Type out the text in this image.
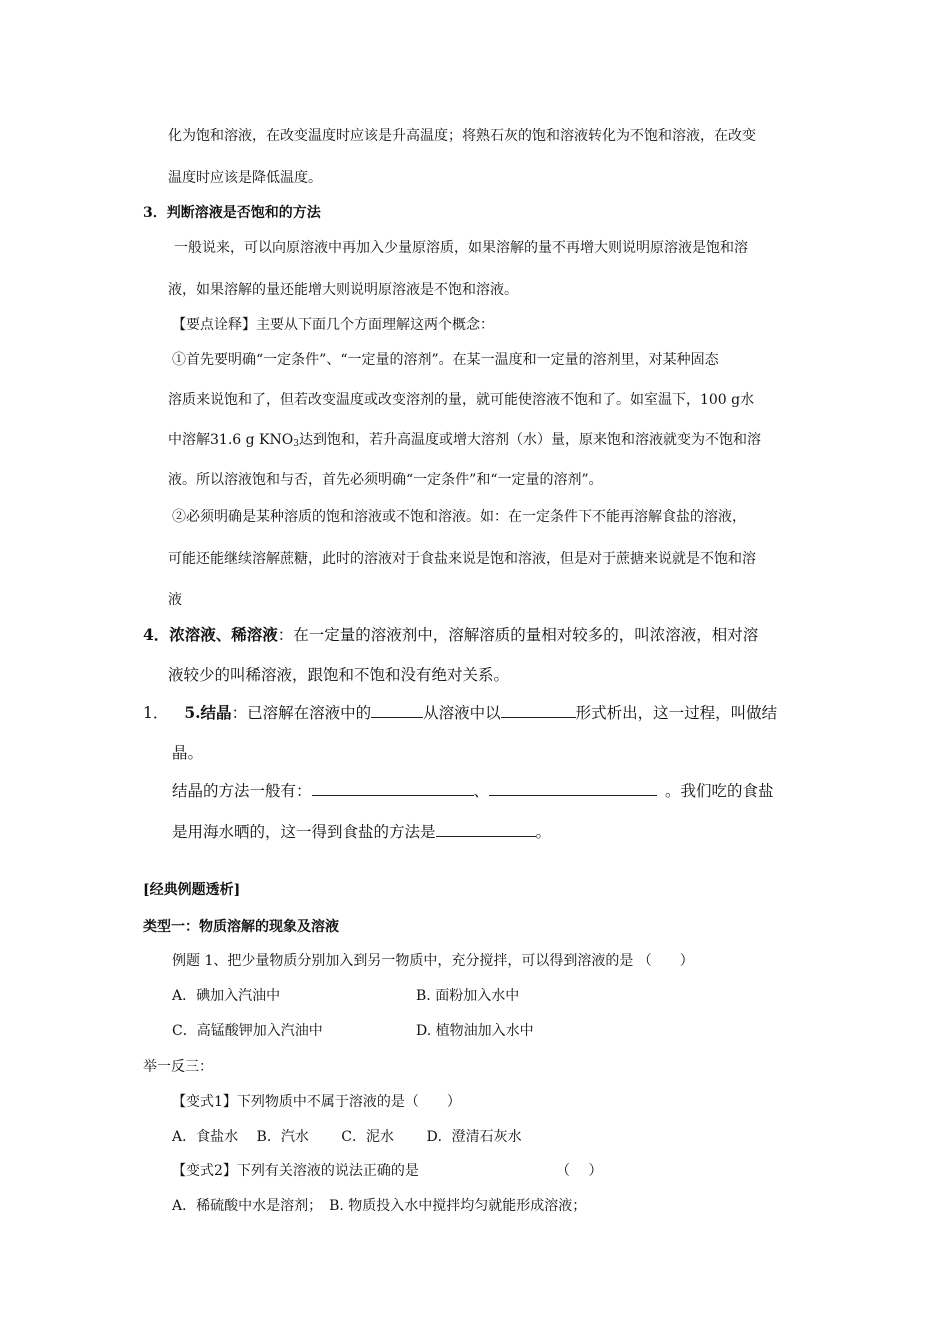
化为饱和溶液，在改变温度时应该是升高温度；将熟石灰的饱和溶液转化为不饱和溶液，在改变
温度时应该是降低温度。
3．判断溶液是否饱和的方法
一般说来，可以向原溶液中再加入少量原溶质，如果溶解的量不再增大则说明原溶液是饱和溶
液，如果溶解的量还能增大则说明原溶液是不饱和溶液。
【要点诠释】主要从下面几个方面理解这两个概念：
①首先要明确“一定条件”、“一定量的溶剂”。在某一温度和一定量的溶剂里，对某种固态
溶质来说饱和了，但若改变温度或改变溶剂的量，就可能使溶液不饱和了。如室温下，100 g水
中溶解31.6 g $KNO_3$达到饱和，若升高温度或增大溶剂（水）量，原来饱和溶液就变为不饱和溶
液。所以溶液饱和与否，首先必须明确“一定条件”和“一定量的溶剂”。
②必须明确是某种溶质的饱和溶液或不饱和溶液。如：在一定条件下不能再溶解食盐的溶液，
可能还能继续溶解蔗糖，此时的溶液对于食盐来说是饱和溶液，但是对于蔗搪来说就是不饱和溶
液
4．浓溶液、稀溶液：在一定量的溶液剂中，溶解溶质的量相对较多的，叫浓溶液，相对溶
液较少的叫稀溶液，跟饱和不饱和没有绝对关系。
1． 5.结晶：已溶解在溶液中的	从溶液中以	形式析出，这一过程，叫做结
晶。
结晶的方法一般有：	、	。我们吃的食盐
是用海水晒的，这一得到食盐的方法是	。
[经典例题透析]
类型一：物质溶解的现象及溶液
例题 1、把少量物质分别加入到另一物质中，充分搅拌，可以得到溶液的是 （　　）
A．碘加入汽油中	B. 面粉加入水中
C．高锰酸钾加入汽油中	D. 植物油加入水中
举一反三：
【变式1】下列物质中不属于溶液的是（　　）
A．食盐水　 B．汽水　　 C．泥水　　 D．澄清石灰水
【变式2】下列有关溶液的说法正确的是	（　 ）
A．稀硫酸中水是溶剂；　B. 物质投入水中搅拌均匀就能形成溶液；
